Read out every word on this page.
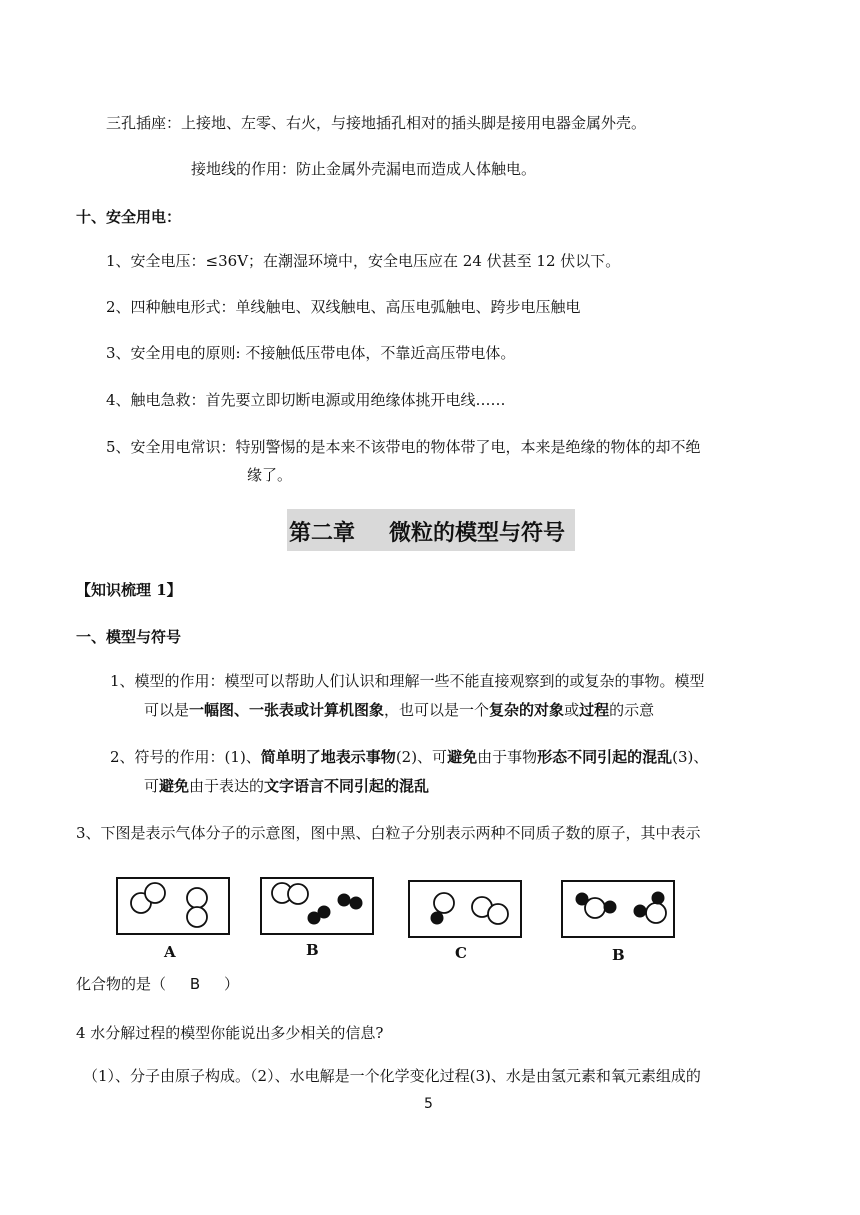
三孔插座：上接地、左零、右火，与接地插孔相对的插头脚是接用电器金属外壳。
接地线的作用：防止金属外壳漏电而造成人体触电。
十、安全用电：
1、安全电压：≤36V；在潮湿环境中，安全电压应在 24 伏甚至 12 伏以下。
2、四种触电形式：单线触电、双线触电、高压电弧触电、跨步电压触电
3、安全用电的原则: 不接触低压带电体，不靠近高压带电体。
4、触电急救：首先要立即切断电源或用绝缘体挑开电线……
5、安全用电常识：特别警惕的是本来不该带电的物体带了电，本来是绝缘的物体的却不绝
缘了。
第二章 微粒的模型与符号
【知识梳理 1】
一、模型与符号
1、模型的作用：模型可以帮助人们认识和理解一些不能直接观察到的或复杂的事物。模型
可以是一幅图、一张表或计算机图象，也可以是一个复杂的对象或过程的示意
2、符号的作用：(1)、简单明了地表示事物(2)、可避免由于事物形态不同引起的混乱(3)、
可避免由于表达的文字语言不同引起的混乱
3、下图是表示气体分子的示意图，图中黑、白粒子分别表示两种不同质子数的原子，其中表示
A	B	C	B
化合物的是（ B ）
4 水分解过程的模型你能说出多少相关的信息?
（1）、分子由原子构成。（2）、水电解是一个化学变化过程(3)、水是由氢元素和氧元素组成的
5
